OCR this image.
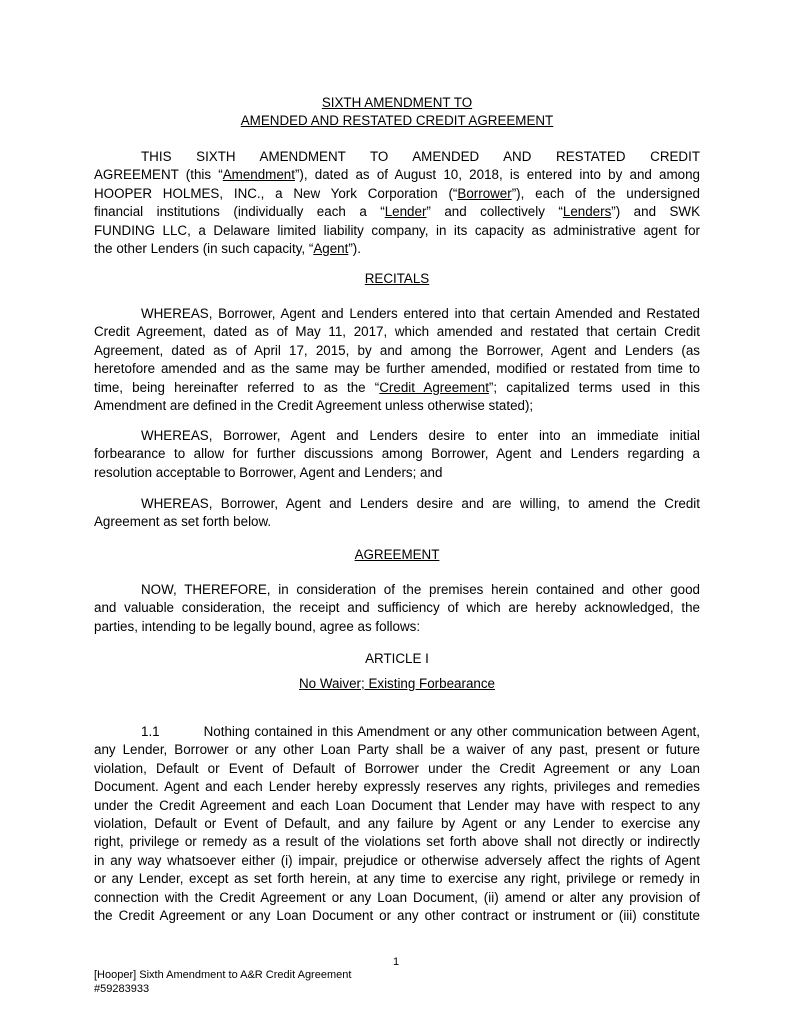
SIXTH AMENDMENT TO
AMENDED AND RESTATED CREDIT AGREEMENT
THIS SIXTH AMENDMENT TO AMENDED AND RESTATED CREDIT
AGREEMENT (this “Amendment”), dated as of August 10, 2018, is entered into by and among
HOOPER HOLMES, INC., a New York Corporation (“Borrower”), each of the undersigned
financial institutions (individually each a “Lender” and collectively “Lenders”) and SWK
FUNDING LLC, a Delaware limited liability company, in its capacity as administrative agent for
the other Lenders (in such capacity, “Agent”).
RECITALS
WHEREAS, Borrower, Agent and Lenders entered into that certain Amended and Restated
Credit Agreement, dated as of May 11, 2017, which amended and restated that certain Credit
Agreement, dated as of April 17, 2015, by and among the Borrower, Agent and Lenders (as
heretofore amended and as the same may be further amended, modified or restated from time to
time, being hereinafter referred to as the “Credit Agreement”; capitalized terms used in this
Amendment are defined in the Credit Agreement unless otherwise stated);
WHEREAS, Borrower, Agent and Lenders desire to enter into an immediate initial
forbearance to allow for further discussions among Borrower, Agent and Lenders regarding a
resolution acceptable to Borrower, Agent and Lenders; and
WHEREAS, Borrower, Agent and Lenders desire and are willing, to amend the Credit
Agreement as set forth below.
AGREEMENT
NOW, THEREFORE, in consideration of the premises herein contained and other good
and valuable consideration, the receipt and sufficiency of which are hereby acknowledged, the
parties, intending to be legally bound, agree as follows:
ARTICLE I
No Waiver; Existing Forbearance
1.1	Nothing contained in this Amendment or any other communication between Agent,
any Lender, Borrower or any other Loan Party shall be a waiver of any past, present or future
violation, Default or Event of Default of Borrower under the Credit Agreement or any Loan
Document. Agent and each Lender hereby expressly reserves any rights, privileges and remedies
under the Credit Agreement and each Loan Document that Lender may have with respect to any
violation, Default or Event of Default, and any failure by Agent or any Lender to exercise any
right, privilege or remedy as a result of the violations set forth above shall not directly or indirectly
in any way whatsoever either (i) impair, prejudice or otherwise adversely affect the rights of Agent
or any Lender, except as set forth herein, at any time to exercise any right, privilege or remedy in
connection with the Credit Agreement or any Loan Document, (ii) amend or alter any provision of
the Credit Agreement or any Loan Document or any other contract or instrument or (iii) constitute
1
[Hooper] Sixth Amendment to A&R Credit Agreement
#59283933
